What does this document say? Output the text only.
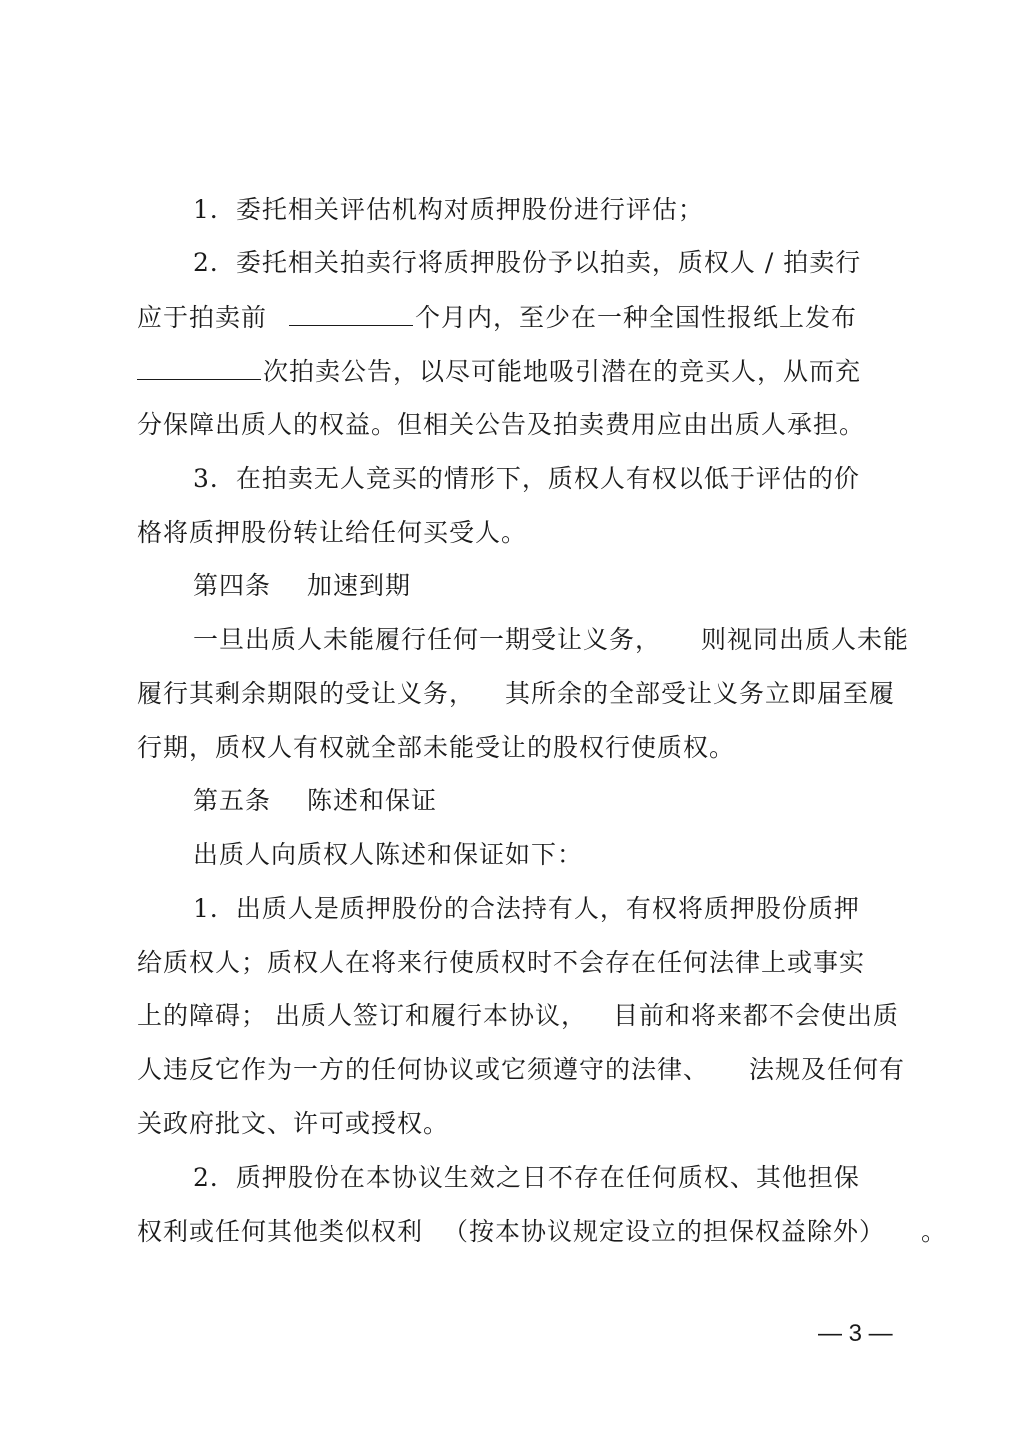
1．委托相关评估机构对质押股份进行评估；
2．委托相关拍卖行将质押股份予以拍卖，质权人 / 拍卖行
应于拍卖前	个月内，至少在一种全国性报纸上发布
次拍卖公告，以尽可能地吸引潜在的竞买人，从而充
分保障出质人的权益。但相关公告及拍卖费用应由出质人承担。
3．在拍卖无人竞买的情形下，质权人有权以低于评估的价
格将质押股份转让给任何买受人。
第四条 加速到期
一旦出质人未能履行任何一期受让义务， 则视同出质人未能
履行其剩余期限的受让义务， 其所余的全部受让义务立即届至履
行期，质权人有权就全部未能受让的股权行使质权。
第五条 陈述和保证
出质人向质权人陈述和保证如下：
1．出质人是质押股份的合法持有人，有权将质押股份质押
给质权人；质权人在将来行使质权时不会存在任何法律上或事实
上的障碍； 出质人签订和履行本协议， 目前和将来都不会使出质
人违反它作为一方的任何协议或它须遵守的法律、 法规及任何有
关政府批文、许可或授权。
2．质押股份在本协议生效之日不存在任何质权、其他担保
权利或任何其他类似权利 （按本协议规定设立的担保权益除外） 。
— 3 —
